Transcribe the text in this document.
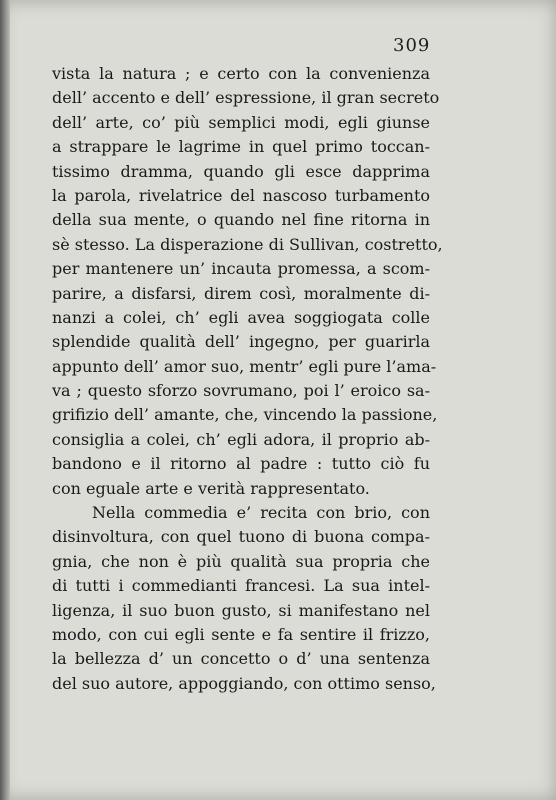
309
vista la natura ; e certo con la convenienza
dell’ accento e dell’ espressione, il gran secreto
dell’ arte, co’ più semplici modi, egli giunse
a strappare le lagrime in quel primo toccan-
tissimo dramma, quando gli esce dapprima
la parola, rivelatrice del nascoso turbamento
della sua mente, o quando nel fine ritorna in
sè stesso. La disperazione di Sullivan, costretto,
per mantenere un’ incauta promessa, a scom-
parire, a disfarsi, direm così, moralmente di-
nanzi a colei, ch’ egli avea soggiogata colle
splendide qualità dell’ ingegno, per guarirla
appunto dell’ amor suo, mentr’ egli pure l’ama-
va ; questo sforzo sovrumano, poi l’ eroico sa-
grifizio dell’ amante, che, vincendo la passione,
consiglia a colei, ch’ egli adora, il proprio ab-
bandono e il ritorno al padre : tutto ciò fu
con eguale arte e verità rappresentato.
Nella commedia e’ recita con brio, con
disinvoltura, con quel tuono di buona compa-
gnia, che non è più qualità sua propria che
di tutti i commedianti francesi. La sua intel-
ligenza, il suo buon gusto, si manifestano nel
modo, con cui egli sente e fa sentire il frizzo,
la bellezza d’ un concetto o d’ una sentenza
del suo autore, appoggiando, con ottimo senso,
